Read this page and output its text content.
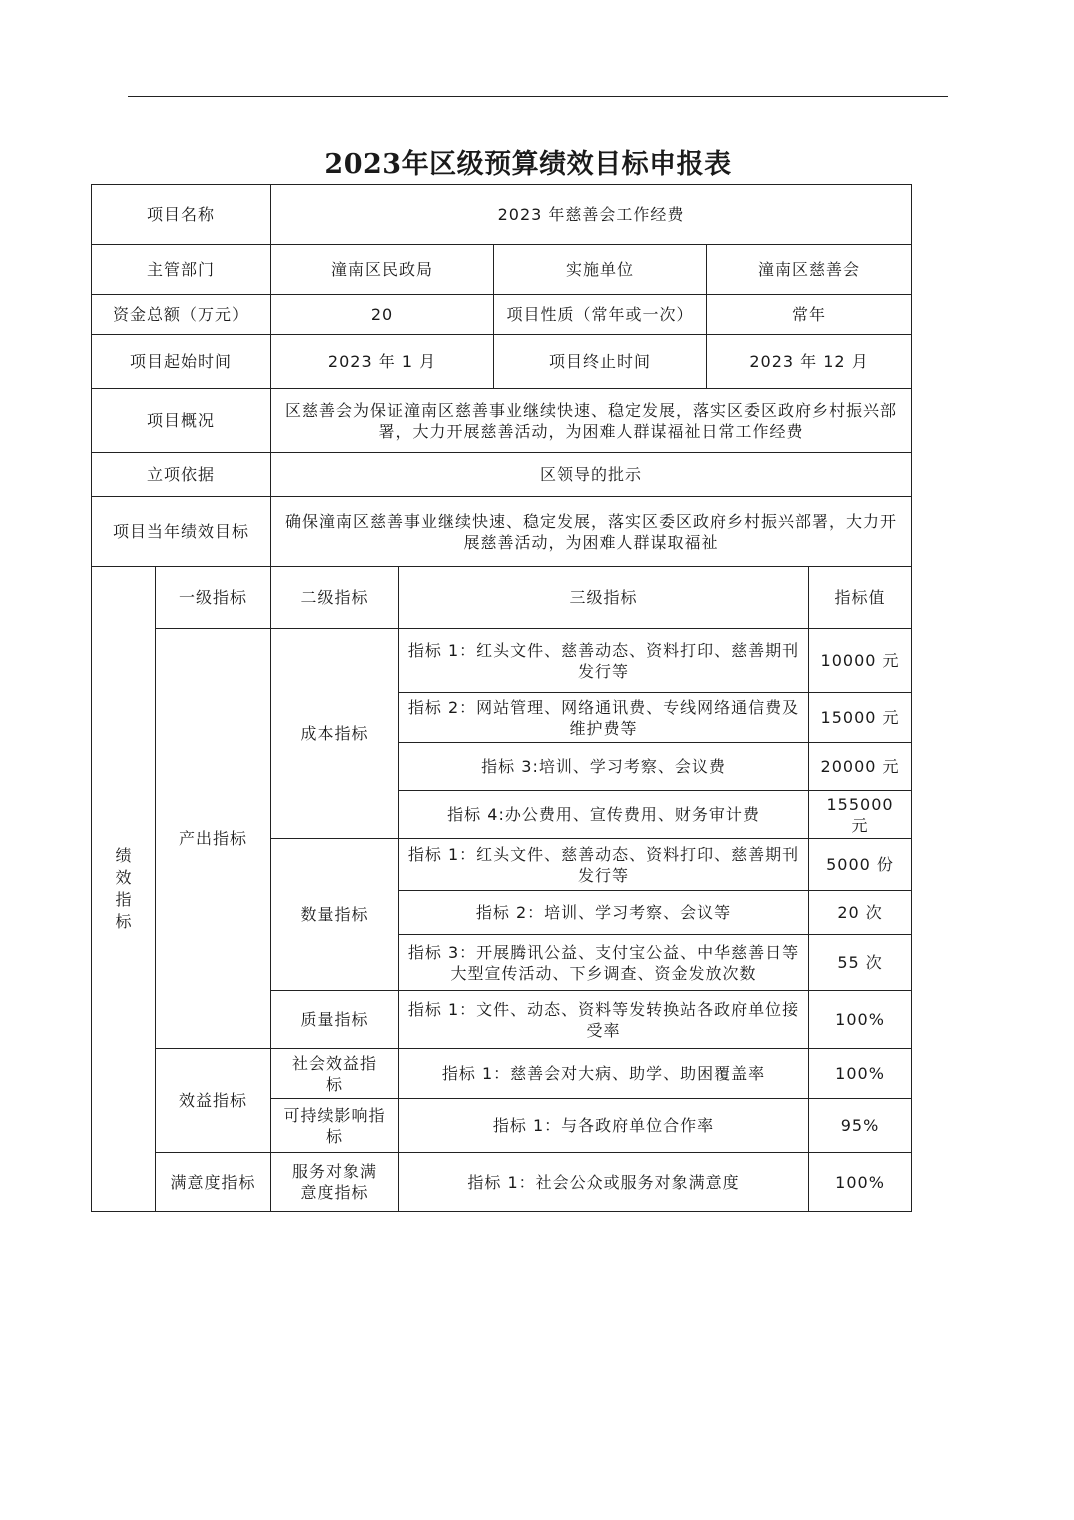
2023年区级预算绩效目标申报表
项目名称		2023 年慈善会工作经费				
主管部门		潼南区民政局		实施单位	潼南区慈善会	
资金总额（万元）		20		项目性质（常年或一次）	常年	
项目起始时间		2023 年 1 月		项目终止时间	2023 年 12 月	
项目概况		区慈善会为保证潼南区慈善事业继续快速、稳定发展，落实区委区政府乡村振兴部署，大力开展慈善活动，为困难人群谋福祉日常工作经费				
立项依据		区领导的批示				
项目当年绩效目标		确保潼南区慈善事业继续快速、稳定发展，落实区委区政府乡村振兴部署，大力开展慈善活动，为困难人群谋取福祉				
绩效指标	一级指标	二级指标	三级指标			指标值
	产出指标	成本指标	指标 1：红头文件、慈善动态、资料打印、慈善期刊发行等			10000 元
			指标 2：网站管理、网络通讯费、专线网络通信费及维护费等			15000 元
			指标 3:培训、学习考察、会议费			20000 元
			指标 4:办公费用、宣传费用、财务审计费			155000 元
		数量指标	指标 1：红头文件、慈善动态、资料打印、慈善期刊发行等			5000 份
			指标 2：培训、学习考察、会议等			20 次
			指标 3：开展腾讯公益、支付宝公益、中华慈善日等大型宣传活动、下乡调查、资金发放次数			55 次
		质量指标	指标 1：文件、动态、资料等发转换站各政府单位接受率			100%
	效益指标	社会效益指标	指标 1：慈善会对大病、助学、助困覆盖率			100%

		可持续影响指标	指标 1：与各政府单位合作率			95%
	满意度指标	服务对象满意度指标	指标 1：社会公众或服务对象满意度			100%
